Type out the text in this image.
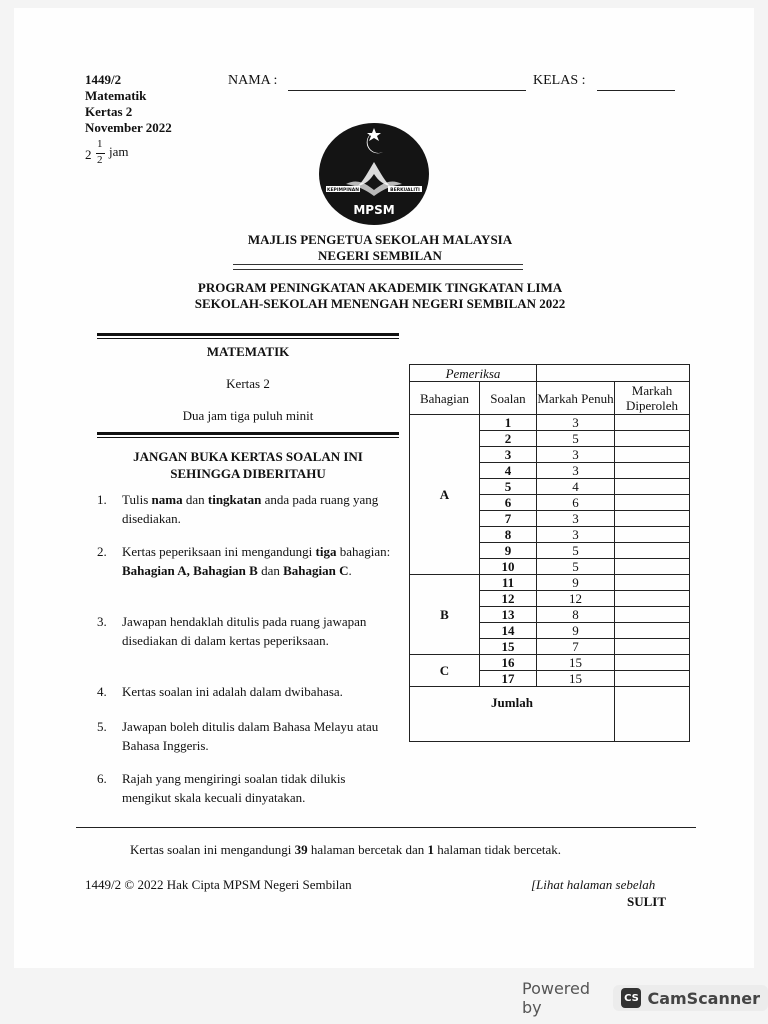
1449/2
Matematik
Kertas 2
November 2022
2
1
2
jam
NAMA :	KELAS :
KEPIMPINAN	BERKUALITI
MPSM
MAJLIS PENGETUA SEKOLAH MALAYSIA
NEGERI SEMBILAN
PROGRAM PENINGKATAN AKADEMIK TINGKATAN LIMA
SEKOLAH-SEKOLAH MENENGAH NEGERI SEMBILAN 2022
MATEMATIK
Kertas 2
Dua jam tiga puluh minit
JANGAN BUKA KERTAS SOALAN INI
SEHINGGA DIBERITAHU
1. Tulis nama dan tingkatan anda pada ruang yang disediakan.
2. Kertas peperiksaan ini mengandungi tiga bahagian: Bahagian A, Bahagian B dan Bahagian C.
3. Jawapan hendaklah ditulis pada ruang jawapan disediakan di dalam kertas peperiksaan.
4. Kertas soalan ini adalah dalam dwibahasa.
5. Jawapan boleh ditulis dalam Bahasa Melayu atau Bahasa Inggeris.
6. Rajah yang mengiringi soalan tidak dilukis mengikut skala kecuali dinyatakan.
Pemeriksa			
Bahagian	Soalan	Markah Penuh	Markah Diperoleh
A	1	3	
	2	5	
	3	3	
	4	3	
	5	4	
	6	6	
	7	3	
	8	3	
	9	5	
	10	5	
B	11	9	
	12	12	
	13	8	
	14	9	
	15	7	
C	16	15	
	17	15	
Jumlah			
Kertas soalan ini mengandungi 39 halaman bercetak dan 1 halaman tidak bercetak.
1449/2 © 2022 Hak Cipta MPSM Negeri Sembilan	[Lihat halaman sebelah
SULIT
Powered by	CS CamScanner
